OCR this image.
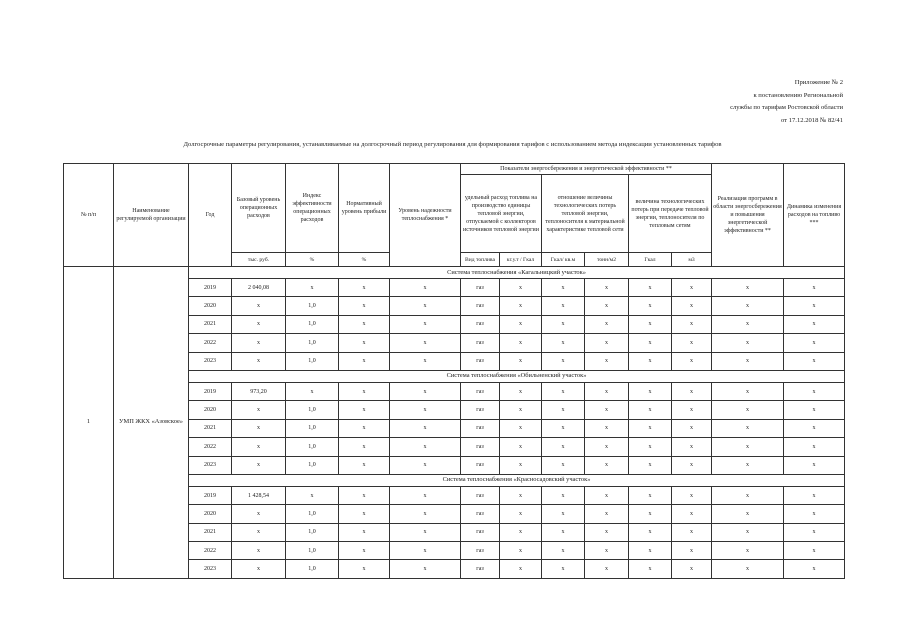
Приложение № 2
к постановлению Региональной
службы по тарифам Ростовской области
от 17.12.2018 № 82/41
Долгосрочные параметры регулирования, устанавливаемые на долгосрочный период регулирования для формирования тарифов с использованием метода индексации установленных тарифов
№ п/п	Наименование регулируемой организации	Год	Базовый уровень операционных расходов	Индекс эффективности операционных расходов	Нормативный уровень прибыли	Уровень надежности теплоснабжения *	Показатели энергосбережения и энергетической эффективности **						Реализация программ в области энергосбережения и повышения энергетической эффективности **	Динамика изменения расходов на топливо ***
							удельный расход топлива на производство единицы тепловой энергии, отпускаемой с коллекторов источников тепловой энергии		отношение величины технологических потерь тепловой энергии, теплоносителя к материальной характеристике тепловой сети		величина технологических потерь при передаче тепловой энергии, теплоносителя по тепловым сетям			
			тыс. руб.	%	%		Вид топлива	кг.у.т / Гкал	Гкал/ кв.м	тонн/м2	Гкал	м3		
1	УМП ЖКХ «Азовское»	Система теплоснабжения «Кагальницкий участок»												
		2019	2 040,08	x	x	x	газ	x	x	x	x	x	x	x
		2020	x	1,0	x	x	газ	x	x	x	x	x	x	x
		2021	x	1,0	x	x	газ	x	x	x	x	x	x	x
		2022	x	1,0	x	x	газ	x	x	x	x	x	x	x
		2023	x	1,0	x	x	газ	x	x	x	x	x	x	x
		Система теплоснабжения «Обильненский участок»												
		2019	973,20	x	x	x	газ	x	x	x	x	x	x	x
		2020	x	1,0	x	x	газ	x	x	x	x	x	x	x
		2021	x	1,0	x	x	газ	x	x	x	x	x	x	x
		2022	x	1,0	x	x	газ	x	x	x	x	x	x	x
		2023	x	1,0	x	x	газ	x	x	x	x	x	x	x
		Система теплоснабжения «Красносадовский участок»												
		2019	1 428,54	x	x	x	газ	x	x	x	x	x	x	x
		2020	x	1,0	x	x	газ	x	x	x	x	x	x	x
		2021	x	1,0	x	x	газ	x	x	x	x	x	x	x
		2022	x	1,0	x	x	газ	x	x	x	x	x	x	x
		2023	x	1,0	x	x	газ	x	x	x	x	x	x	x
